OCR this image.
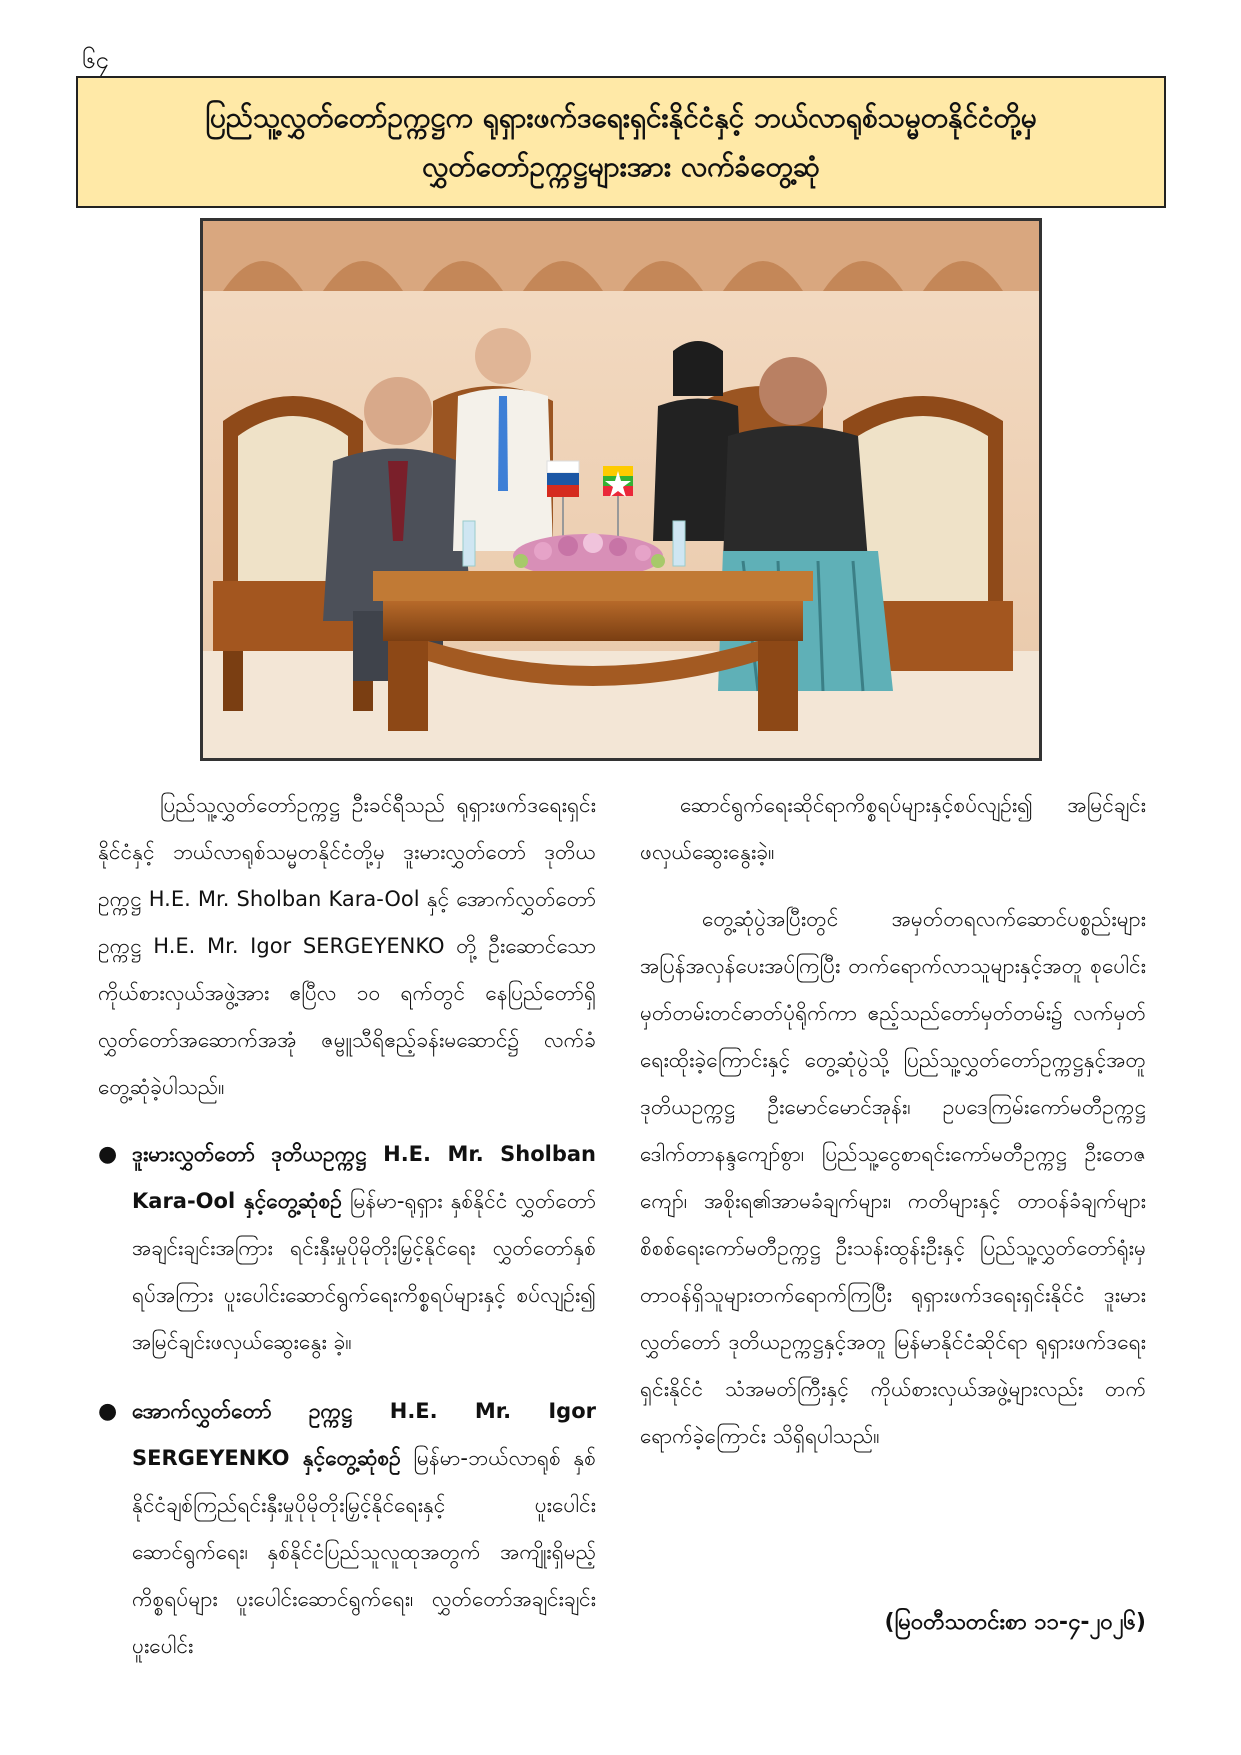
၆၄
ပြည်သူ့လွှတ်တော်ဥက္ကဋ္ဌက ရုရှားဖက်ဒရေးရှင်းနိုင်ငံနှင့် ဘယ်လာရုစ်သမ္မတနိုင်ငံတို့မှ
လွှတ်တော်ဥက္ကဋ္ဌများအား လက်ခံတွေ့ဆုံ

ပြည်သူ့လွှတ်တော်ဥက္ကဋ္ဌ ဦးခင်ရီသည် ရုရှားဖက်ဒရေးရှင်းနိုင်ငံနှင့် ဘယ်လာရုစ်သမ္မတနိုင်ငံတို့မှ ဒူးမားလွှတ်တော် ဒုတိယဥက္ကဋ္ဌ H.E. Mr. Sholban Kara-Ool နှင့် အောက်လွှတ်တော်ဥက္ကဋ္ဌ H.E. Mr. Igor SERGEYENKO တို့ ဦးဆောင်သောကိုယ်စားလှယ်အဖွဲ့အား ဧပြီလ ၁၀ ရက်တွင် နေပြည်တော်ရှိ လွှတ်တော်အဆောက်အအုံ ဇမ္ဗူသီရိဧည့်ခန်းမဆောင်၌ လက်ခံတွေ့ဆုံခဲ့ပါသည်။

● ဒူးမားလွှတ်တော် ဒုတိယဥက္ကဋ္ဌ H.E. Mr. Sholban Kara-Ool နှင့်တွေ့ဆုံစဉ် မြန်မာ-ရုရှား နှစ်နိုင်ငံ လွှတ်တော်အချင်းချင်းအကြား ရင်းနှီးမှုပိုမိုတိုးမြှင့်နိုင်ရေး လွှတ်တော်နှစ်ရပ်အကြား ပူးပေါင်းဆောင်ရွက်ရေးကိစ္စရပ်များနှင့် စပ်လျဉ်း၍ အမြင်ချင်းဖလှယ်ဆွေးနွေး ခဲ့။
● အောက်လွှတ်တော် ဥက္ကဋ္ဌ H.E. Mr. Igor SERGEYENKO နှင့်တွေ့ဆုံစဉ် မြန်မာ-ဘယ်လာရုစ် နှစ်နိုင်ငံချစ်ကြည်ရင်းနှီးမှုပိုမိုတိုးမြှင့်နိုင်ရေးနှင့် ပူးပေါင်းဆောင်ရွက်ရေး၊ နှစ်နိုင်ငံပြည်သူလူထုအတွက် အကျိုးရှိမည့်ကိစ္စရပ်များ ပူးပေါင်းဆောင်ရွက်ရေး၊ လွှတ်တော်အချင်းချင်း ပူးပေါင်း

ဆောင်ရွက်ရေးဆိုင်ရာကိစ္စရပ်များနှင့်စပ်လျဉ်း၍ အမြင်ချင်းဖလှယ်ဆွေးနွေးခဲ့။

တွေ့ဆုံပွဲအပြီးတွင် အမှတ်တရလက်ဆောင်ပစ္စည်းများ အပြန်အလှန်ပေးအပ်ကြပြီး တက်ရောက်လာသူများနှင့်အတူ စုပေါင်းမှတ်တမ်းတင်ဓာတ်ပုံရိုက်ကာ ဧည့်သည်တော်မှတ်တမ်း၌ လက်မှတ်ရေးထိုးခဲ့ကြောင်းနှင့် တွေ့ဆုံပွဲသို့ ပြည်သူ့လွှတ်တော်ဥက္ကဋ္ဌနှင့်အတူ ဒုတိယဥက္ကဋ္ဌ ဦးမောင်မောင်အုန်း၊ ဥပဒေကြမ်းကော်မတီဥက္ကဋ္ဌ ဒေါက်တာနန္ဒကျော်စွာ၊ ပြည်သူ့ငွေစာရင်းကော်မတီဥက္ကဋ္ဌ ဦးတေဇကျော်၊ အစိုးရ၏အာမခံချက်များ၊ ကတိများနှင့် တာဝန်ခံချက်များ စိစစ်ရေးကော်မတီဥက္ကဋ္ဌ ဦးသန်းထွန်းဦးနှင့် ပြည်သူ့လွှတ်တော်ရုံးမှတာဝန်ရှိသူများတက်ရောက်ကြပြီး ရုရှားဖက်ဒရေးရှင်းနိုင်ငံ ဒူးမားလွှတ်တော် ဒုတိယဥက္ကဋ္ဌနှင့်အတူ မြန်မာနိုင်ငံဆိုင်ရာ ရုရှားဖက်ဒရေးရှင်းနိုင်ငံ သံအမတ်ကြီးနှင့် ကိုယ်စားလှယ်အဖွဲ့များလည်း တက်ရောက်ခဲ့ကြောင်း သိရှိရပါသည်။

(မြဝတီသတင်းစာ ၁၁-၄-၂၀၂၆)
